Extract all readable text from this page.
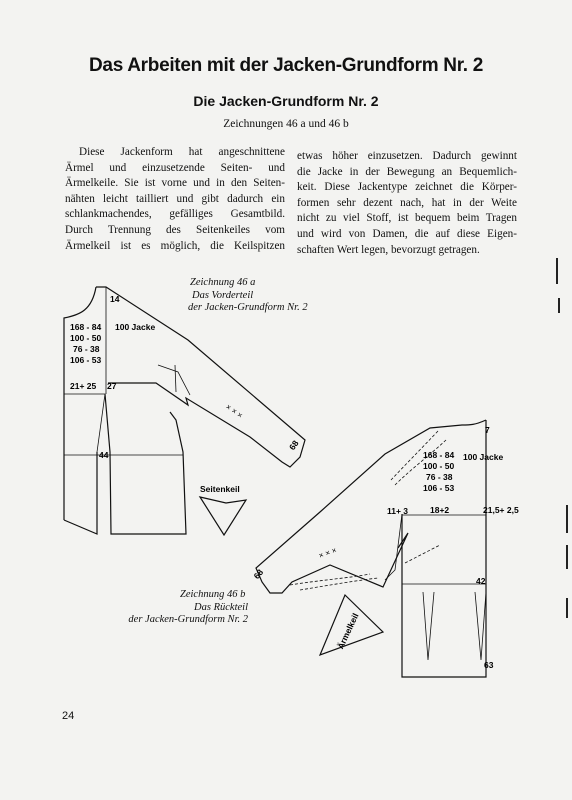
Das Arbeiten mit der Jacken-Grundform Nr. 2
Die Jacken-Grundform Nr. 2
Zeichnungen 46 a und 46 b
Diese Jackenform hat angeschnittene
Ärmel und einzusetzende Seiten- und
Ärmelkeile. Sie ist vorne und in den Seiten-
nähten leicht tailliert und gibt dadurch ein
schlankmachendes, gefälliges Gesamtbild.
Durch Trennung des Seitenkeiles vom
Ärmelkeil ist es möglich, die Keilspitzen
etwas höher einzusetzen. Dadurch gewinnt
die Jacke in der Bewegung an Bequemlich-
keit. Diese Jackentype zeichnet die Körper-
formen sehr dezent nach, hat in der Weite
nicht zu viel Stoff, ist bequem beim Tragen
und wird von Damen, die auf diese Eigen-
schaften Wert legen, bevorzugt getragen.
Zeichnung 46 a
Das Vorderteil
der Jacken-Grundform Nr. 2
Zeichnung 46 b
Das Rückteil
der Jacken-Grundform Nr. 2
14
168 - 84
100 - 50
76 - 38
106 - 53
100 Jacke
21+ 25 27
44
68
× × ×
Seitenkeil
7
168 - 84
100 - 50
76 - 38
106 - 53
100 Jacke
11+ 3	18+2	21,5+ 2,5
42
63
68
× × ×
Ärmelkeil
24
